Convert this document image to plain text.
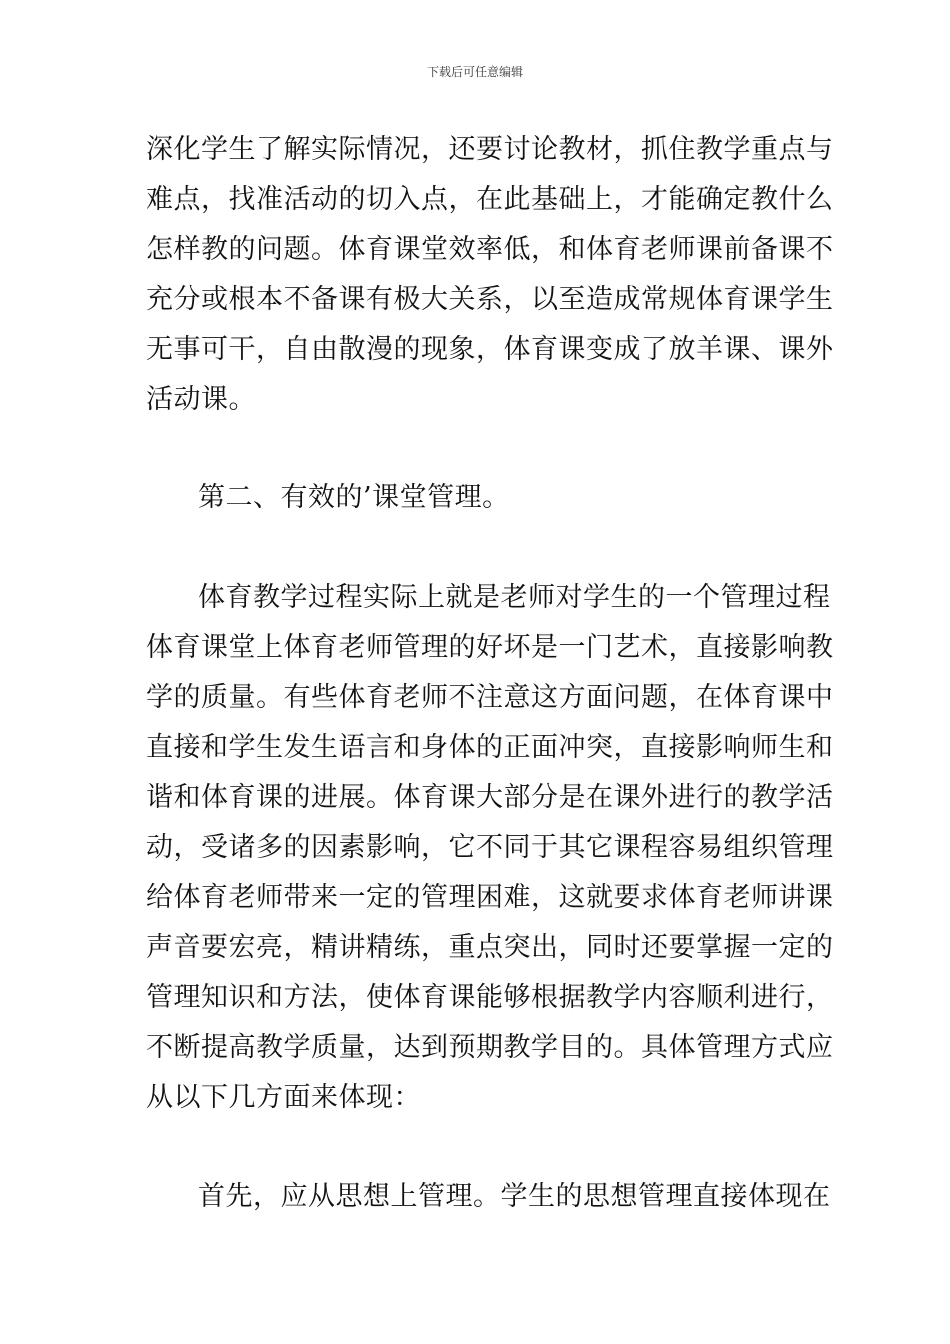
下载后可任意编辑
深化学生了解实际情况，还要讨论教材，抓住教学重点与
难点，找准活动的切入点，在此基础上，才能确定教什么
怎样教的问题。体育课堂效率低，和体育老师课前备课不
充分或根本不备课有极大关系，以至造成常规体育课学生
无事可干，自由散漫的现象，体育课变成了放羊课、课外
活动课。
第二、有效的’课堂管理。
体育教学过程实际上就是老师对学生的一个管理过程
体育课堂上体育老师管理的好坏是一门艺术，直接影响教
学的质量。有些体育老师不注意这方面问题，在体育课中
直接和学生发生语言和身体的正面冲突，直接影响师生和
谐和体育课的进展。体育课大部分是在课外进行的教学活
动，受诸多的因素影响，它不同于其它课程容易组织管理
给体育老师带来一定的管理困难，这就要求体育老师讲课
声音要宏亮，精讲精练，重点突出，同时还要掌握一定的
管理知识和方法，使体育课能够根据教学内容顺利进行，
不断提高教学质量，达到预期教学目的。具体管理方式应
从以下几方面来体现：
首先，应从思想上管理。学生的思想管理直接体现在
